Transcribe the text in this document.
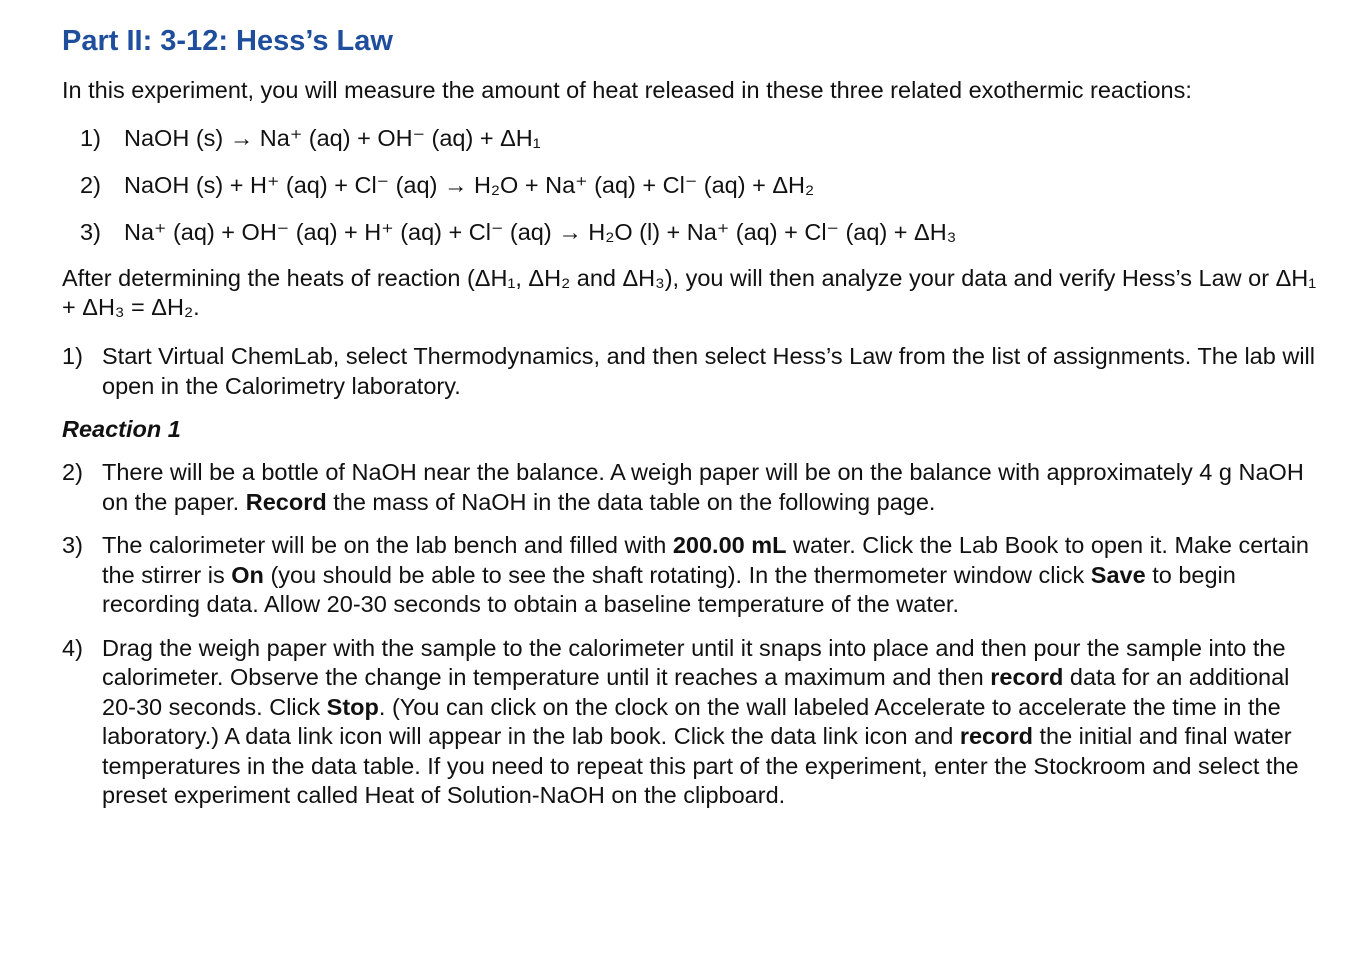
Part II: 3-12: Hess’s Law

In this experiment, you will measure the amount of heat released in these three related exothermic reactions:

1) NaOH (s) → Na⁺ (aq) + OH⁻ (aq) + ΔH₁
2) NaOH (s) + H⁺ (aq) + Cl⁻ (aq) → H₂O + Na⁺ (aq) + Cl⁻ (aq) + ΔH₂
3) Na⁺ (aq) + OH⁻ (aq) + H⁺ (aq) + Cl⁻ (aq) → H₂O (l) + Na⁺ (aq) + Cl⁻ (aq) + ΔH₃

After determining the heats of reaction (ΔH₁, ΔH₂ and ΔH₃), you will then analyze your data and verify Hess’s Law or ΔH₁ + ΔH₃ = ΔH₂.

1) Start Virtual ChemLab, select Thermodynamics, and then select Hess’s Law from the list of assignments. The lab will open in the Calorimetry laboratory.
Reaction 1
2) There will be a bottle of NaOH near the balance. A weigh paper will be on the balance with approximately 4 g NaOH on the paper. Record the mass of NaOH in the data table on the following page.
3) The calorimeter will be on the lab bench and filled with 200.00 mL water. Click the Lab Book to open it. Make certain the stirrer is On (you should be able to see the shaft rotating). In the thermometer window click Save to begin recording data. Allow 20-30 seconds to obtain a baseline temperature of the water.
4) Drag the weigh paper with the sample to the calorimeter until it snaps into place and then pour the sample into the calorimeter. Observe the change in temperature until it reaches a maximum and then record data for an additional 20-30 seconds. Click Stop. (You can click on the clock on the wall labeled Accelerate to accelerate the time in the laboratory.) A data link icon will appear in the lab book. Click the data link icon and record the initial and final water temperatures in the data table. If you need to repeat this part of the experiment, enter the Stockroom and select the preset experiment called Heat of Solution-NaOH on the clipboard.
